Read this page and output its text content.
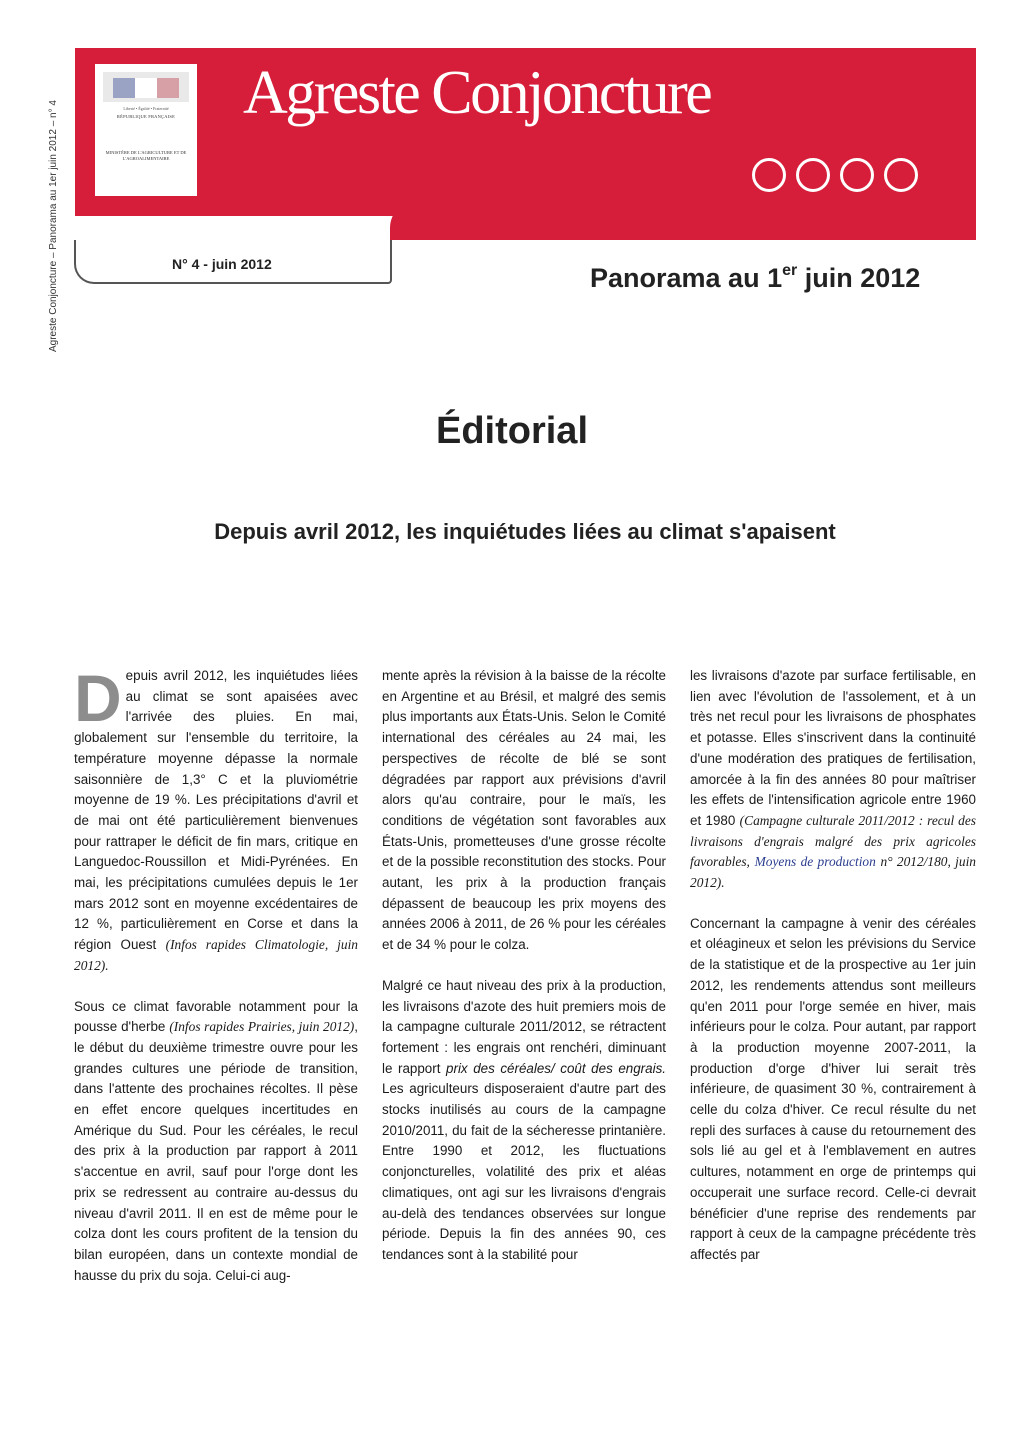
Agreste Conjoncture – Panorama au 1er juin 2012 – n° 4	Liberté • Égalité • Fraternité
RÉPUBLIQUE FRANÇAISE
MINISTÈRE DE L'AGRICULTURE ET DE L'AGROALIMENTAIRE
Agreste Conjoncture
N° 4 - juin 2012	Panorama au 1er juin 2012
Éditorial
Depuis avril 2012, les inquiétudes liées au climat s'apaisent

Depuis avril 2012, les inquiétudes liées au climat se sont apaisées avec l'arrivée des pluies. En mai, globalement sur l'ensemble du territoire, la température moyenne dépasse la normale saisonnière de 1,3° C et la pluviométrie moyenne de 19 %. Les précipitations d'avril et de mai ont été particulièrement bienvenues pour rattraper le déficit de fin mars, critique en Languedoc-Roussillon et Midi-Pyrénées. En mai, les précipitations cumulées depuis le 1er mars 2012 sont en moyenne excédentaires de 12 %, particulièrement en Corse et dans la région Ouest (Infos rapides Climatologie, juin 2012).

Sous ce climat favorable notamment pour la pousse d'herbe (Infos rapides Prairies, juin 2012), le début du deuxième trimestre ouvre pour les grandes cultures une période de transition, dans l'attente des prochaines récoltes. Il pèse en effet encore quelques incertitudes en Amérique du Sud. Pour les céréales, le recul des prix à la production par rapport à 2011 s'accentue en avril, sauf pour l'orge dont les prix se redressent au contraire au-dessus du niveau d'avril 2011. Il en est de même pour le colza dont les cours profitent de la tension du bilan européen, dans un contexte mondial de hausse du prix du soja. Celui-ci aug-

mente après la révision à la baisse de la récolte en Argentine et au Brésil, et malgré des semis plus importants aux États-Unis. Selon le Comité international des céréales au 24 mai, les perspectives de récolte de blé se sont dégradées par rapport aux prévisions d'avril alors qu'au contraire, pour le maïs, les conditions de végétation sont favorables aux États-Unis, prometteuses d'une grosse récolte et de la possible reconstitution des stocks. Pour autant, les prix à la production français dépassent de beaucoup les prix moyens des années 2006 à 2011, de 26 % pour les céréales et de 34 % pour le colza.

Malgré ce haut niveau des prix à la production, les livraisons d'azote des huit premiers mois de la campagne culturale 2011/2012, se rétractent fortement : les engrais ont renchéri, diminuant le rapport prix des céréales/ coût des engrais. Les agriculteurs disposeraient d'autre part des stocks inutilisés au cours de la campagne 2010/2011, du fait de la sécheresse printanière. Entre 1990 et 2012, les fluctuations conjoncturelles, volatilité des prix et aléas climatiques, ont agi sur les livraisons d'engrais au-delà des tendances observées sur longue période. Depuis la fin des années 90, ces tendances sont à la stabilité pour

les livraisons d'azote par surface fertilisable, en lien avec l'évolution de l'assolement, et à un très net recul pour les livraisons de phosphates et potasse. Elles s'inscrivent dans la continuité d'une modération des pratiques de fertilisation, amorcée à la fin des années 80 pour maîtriser les effets de l'intensification agricole entre 1960 et 1980 (Campagne culturale 2011/2012 : recul des livraisons d'engrais malgré des prix agricoles favorables, Moyens de production n° 2012/180, juin 2012).

Concernant la campagne à venir des céréales et oléagineux et selon les prévisions du Service de la statistique et de la prospective au 1er juin 2012, les rendements attendus sont meilleurs qu'en 2011 pour l'orge semée en hiver, mais inférieurs pour le colza. Pour autant, par rapport à la production moyenne 2007-2011, la production d'orge d'hiver lui serait très inférieure, de quasiment 30 %, contrairement à celle du colza d'hiver. Ce recul résulte du net repli des surfaces à cause du retournement des sols lié au gel et à l'emblavement en autres cultures, notamment en orge de printemps qui occuperait une surface record. Celle-ci devrait bénéficier d'une reprise des rendements par rapport à ceux de la campagne précédente très affectés par
